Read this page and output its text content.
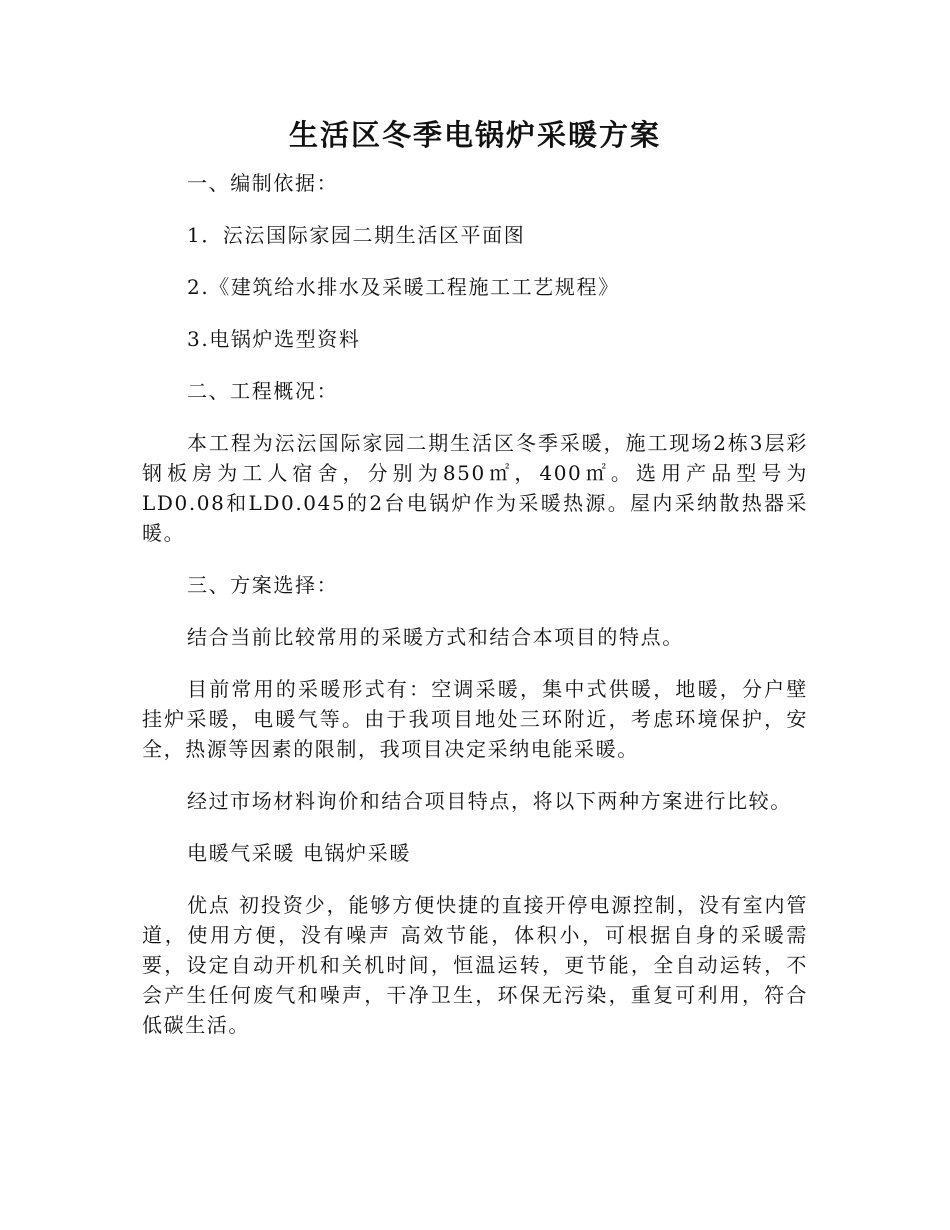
生活区冬季电锅炉采暖方案

一、编制依据：

1．沄沄国际家园二期生活区平面图

2.《建筑给水排水及采暖工程施工工艺规程》

3.电锅炉选型资料

二、工程概况：

本工程为沄沄国际家园二期生活区冬季采暖，施工现场2栋3层彩钢板房为工人宿舍，分别为850㎡，400㎡。选用产品型号为LD0.08和LD0.045的2台电锅炉作为采暖热源。屋内采纳散热器采暖。

三、方案选择：

结合当前比较常用的采暖方式和结合本项目的特点。

目前常用的采暖形式有：空调采暖，集中式供暖，地暖，分户壁挂炉采暖，电暖气等。由于我项目地处三环附近，考虑环境保护，安全，热源等因素的限制，我项目决定采纳电能采暖。

经过市场材料询价和结合项目特点，将以下两种方案进行比较。

电暖气采暖 电锅炉采暖

优点 初投资少，能够方便快捷的直接开停电源控制，没有室内管道，使用方便，没有噪声 高效节能，体积小，可根据自身的采暖需要，设定自动开机和关机时间，恒温运转，更节能，全自动运转，不会产生任何废气和噪声，干净卫生，环保无污染，重复可利用，符合低碳生活。
